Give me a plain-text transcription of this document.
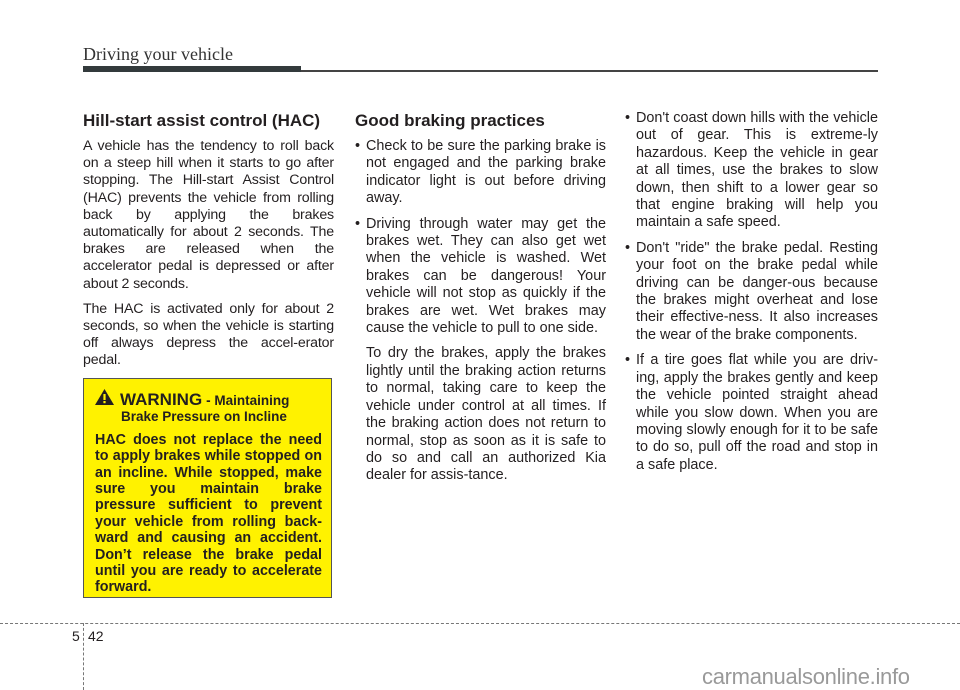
Driving your vehicle
Hill-start assist control (HAC)

A vehicle has the tendency to roll back on a steep hill when it starts to go after stopping. The Hill-start Assist Control (HAC) prevents the vehicle from rolling back by applying the brakes automatically for about 2 seconds. The brakes are released when the accelerator pedal is depressed or after about 2 seconds.

The HAC is activated only for about 2 seconds, so when the vehicle is starting off always depress the accel-erator pedal.

WARNING - Maintaining
Brake Pressure on Incline
HAC does not replace the need to apply brakes while stopped on an incline. While stopped, make sure you maintain brake pressure sufficient to prevent your vehicle from rolling back-ward and causing an accident. Don’t release the brake pedal until you are ready to accelerate forward.
Good braking practices
• Check to be sure the parking brake is not engaged and the parking brake indicator light is out before driving away.
• Driving through water may get the brakes wet. They can also get wet when the vehicle is washed. Wet brakes can be dangerous! Your vehicle will not stop as quickly if the brakes are wet. Wet brakes may cause the vehicle to pull to one side.
To dry the brakes, apply the brakes lightly until the braking action returns to normal, taking care to keep the vehicle under control at all times. If the braking action does not return to normal, stop as soon as it is safe to do so and call an authorized Kia dealer for assis-tance.
• Don't coast down hills with the vehicle out of gear. This is extreme-ly hazardous. Keep the vehicle in gear at all times, use the brakes to slow down, then shift to a lower gear so that engine braking will help you maintain a safe speed.
• Don't "ride" the brake pedal. Resting your foot on the brake pedal while driving can be danger-ous because the brakes might overheat and lose their effective-ness. It also increases the wear of the brake components.
• If a tire goes flat while you are driv-ing, apply the brakes gently and keep the vehicle pointed straight ahead while you slow down. When you are moving slowly enough for it to be safe to do so, pull off the road and stop in a safe place.
5 42
carmanualsonline.info
